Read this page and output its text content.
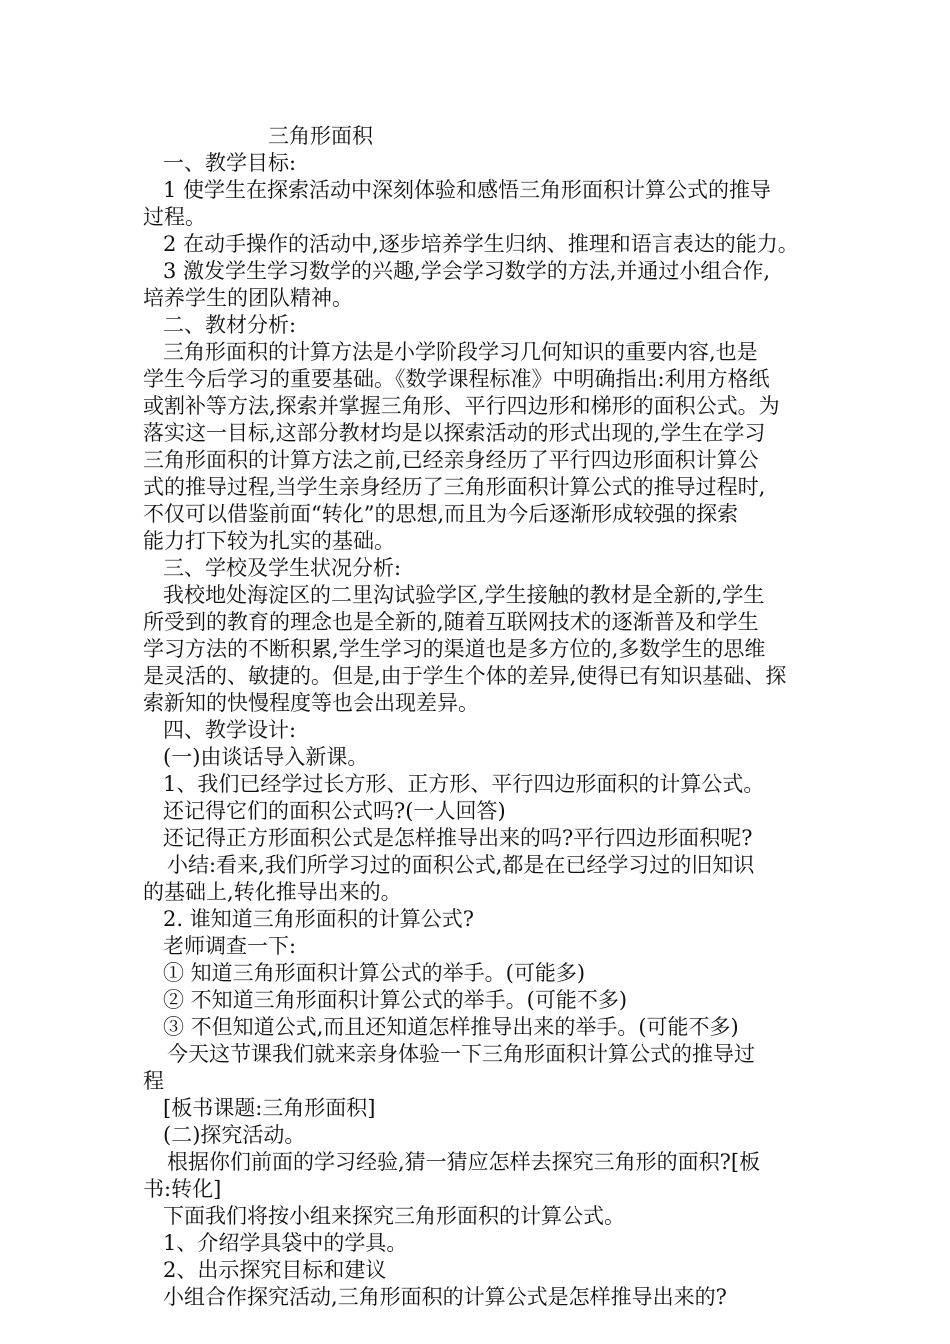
三角形面积
一、教学目标:
1 使学生在探索活动中深刻体验和感悟三角形面积计算公式的推导
过程。
2 在动手操作的活动中,逐步培养学生归纳、推理和语言表达的能力。
3 激发学生学习数学的兴趣,学会学习数学的方法,并通过小组合作,
培养学生的团队精神。
二、教材分析:
三角形面积的计算方法是小学阶段学习几何知识的重要内容,也是
学生今后学习的重要基础。《数学课程标准》中明确指出:利用方格纸
或割补等方法,探索并掌握三角形、平行四边形和梯形的面积公式。为
落实这一目标,这部分教材均是以探索活动的形式出现的,学生在学习
三角形面积的计算方法之前,已经亲身经历了平行四边形面积计算公
式的推导过程,当学生亲身经历了三角形面积计算公式的推导过程时,
不仅可以借鉴前面“转化”的思想,而且为今后逐渐形成较强的探索
能力打下较为扎实的基础。
三、学校及学生状况分析:
我校地处海淀区的二里沟试验学区,学生接触的教材是全新的,学生
所受到的教育的理念也是全新的,随着互联网技术的逐渐普及和学生
学习方法的不断积累,学生学习的渠道也是多方位的,多数学生的思维
是灵活的、敏捷的。但是,由于学生个体的差异,使得已有知识基础、探
索新知的快慢程度等也会出现差异。
四、教学设计:
(一)由谈话导入新课。
1、我们已经学过长方形、正方形、平行四边形面积的计算公式。
还记得它们的面积公式吗?(一人回答)
还记得正方形面积公式是怎样推导出来的吗?平行四边形面积呢?
小结:看来,我们所学习过的面积公式,都是在已经学习过的旧知识
的基础上,转化推导出来的。
2. 谁知道三角形面积的计算公式?
老师调查一下:
① 知道三角形面积计算公式的举手。(可能多)
② 不知道三角形面积计算公式的举手。(可能不多)
③ 不但知道公式,而且还知道怎样推导出来的举手。(可能不多)
今天这节课我们就来亲身体验一下三角形面积计算公式的推导过
程
[板书课题:三角形面积]
(二)探究活动。
根据你们前面的学习经验,猜一猜应怎样去探究三角形的面积?[板
书:转化]
下面我们将按小组来探究三角形面积的计算公式。
1、介绍学具袋中的学具。
2、出示探究目标和建议
小组合作探究活动,三角形面积的计算公式是怎样推导出来的?
